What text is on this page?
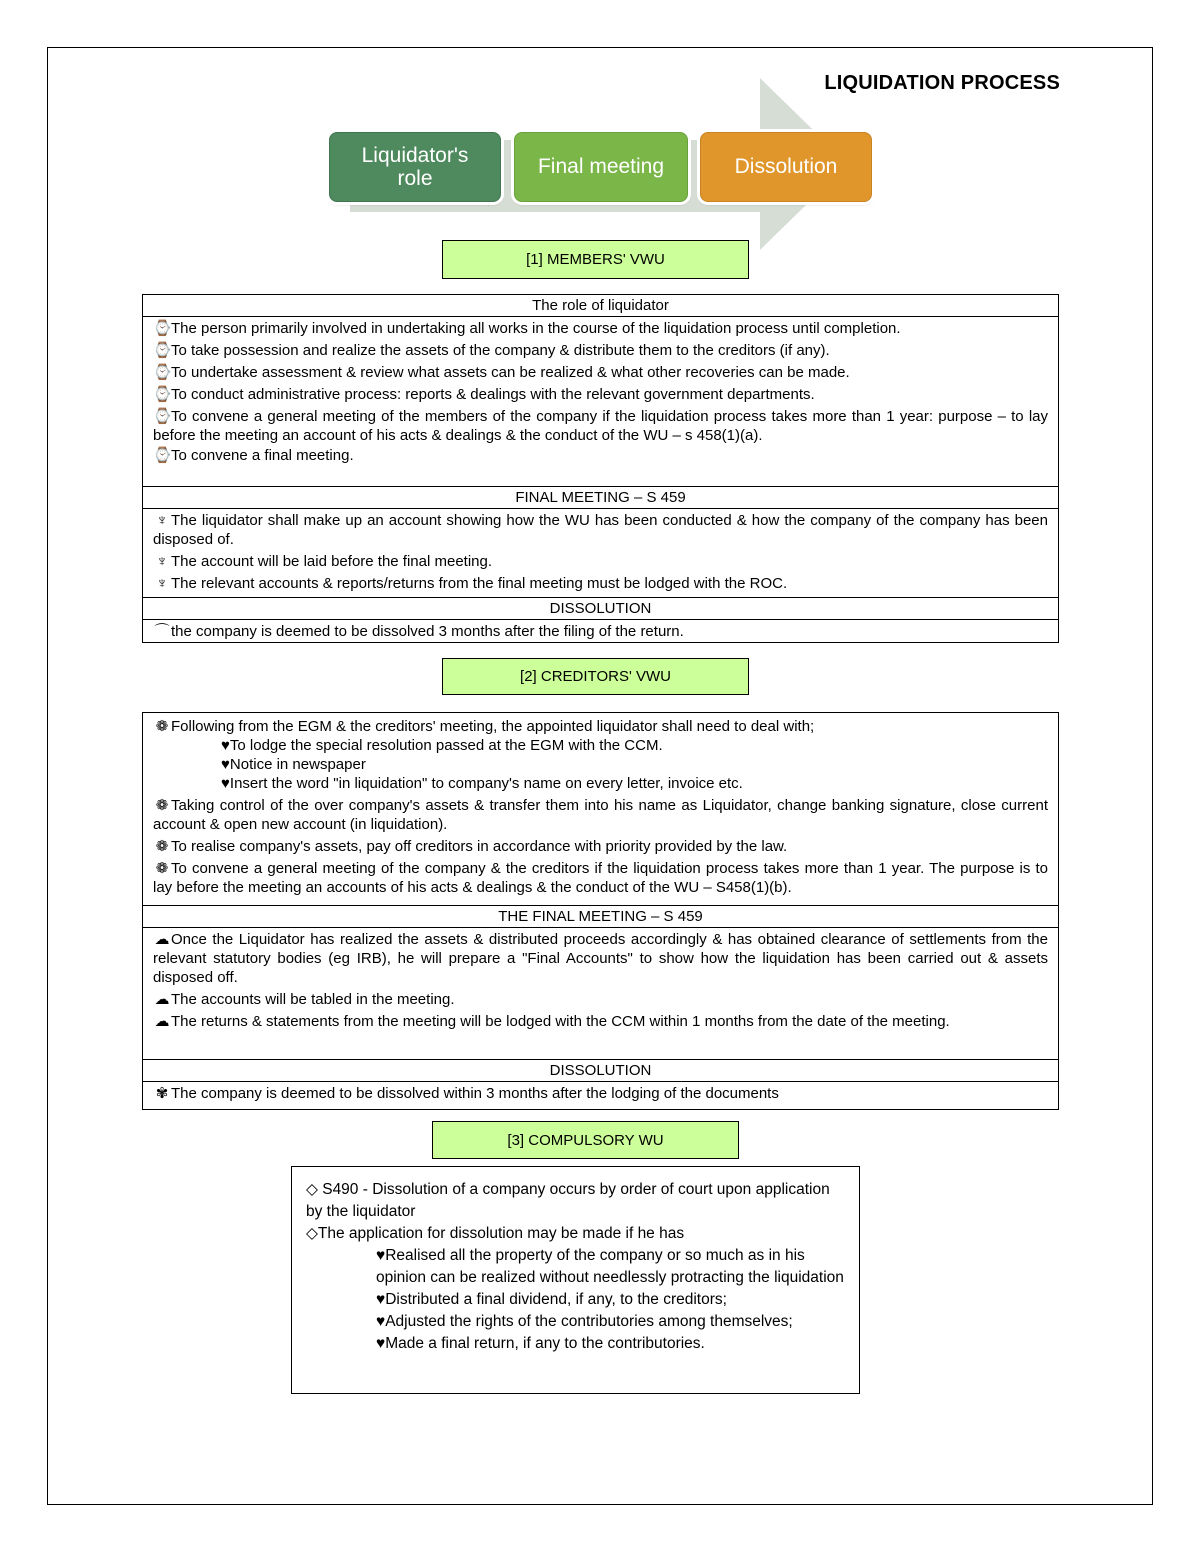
LIQUIDATION PROCESS
Liquidator's
role
Final meeting	Dissolution
[1] MEMBERS' VWU
The role of liquidator

⌚The person primarily involved in undertaking all works in the course of the liquidation process until completion.

⌚To take possession and realize the assets of the company & distribute them to the creditors (if any).

⌚To undertake assessment & review what assets can be realized & what other recoveries can be made.

⌚To conduct administrative process: reports & dealings with the relevant government departments.

⌚To convene a general meeting of the members of the company if the liquidation process takes more than 1 year: purpose – to lay before the meeting an account of his acts & dealings & the conduct of the WU – s 458(1)(a).

⌚To convene a final meeting.

FINAL MEETING – S 459

♆ The liquidator shall make up an account showing how the WU has been conducted & how the company of the company has been disposed of.

♆ The account will be laid before the final meeting.

♆ The relevant accounts & reports/returns from the final meeting must be lodged with the ROC.

DISSOLUTION

⌒ the company is deemed to be dissolved 3 months after the filing of the return.

[2] CREDITORS' VWU

❁ Following from the EGM & the creditors' meeting, the appointed liquidator shall need to deal with;

♥To lodge the special resolution passed at the EGM with the CCM.

♥Notice in newspaper

♥Insert the word "in liquidation" to company's name on every letter, invoice etc.

❁ Taking control of the over company's assets & transfer them into his name as Liquidator, change banking signature, close current account & open new account (in liquidation).

❁ To realise company's assets, pay off creditors in accordance with priority provided by the law.

❁ To convene a general meeting of the company & the creditors if the liquidation process takes more than 1 year. The purpose is to lay before the meeting an accounts of his acts & dealings & the conduct of the WU – S458(1)(b).

THE FINAL MEETING – S 459

☁ Once the Liquidator has realized the assets & distributed proceeds accordingly & has obtained clearance of settlements from the relevant statutory bodies (eg IRB), he will prepare a "Final Accounts" to show how the liquidation has been carried out & assets disposed off.

☁ The accounts will be tabled in the meeting.

☁ The returns & statements from the meeting will be lodged with the CCM within 1 months from the date of the meeting.

DISSOLUTION

✾ The company is deemed to be dissolved within 3 months after the lodging of the documents

[3] COMPULSORY WU

◇ S490 - Dissolution of a company occurs by order of court upon application by the liquidator

◇The application for dissolution may be made if he has

♥Realised all the property of the company or so much as in his opinion can be realized without needlessly protracting the liquidation

♥Distributed a final dividend, if any, to the creditors;

♥Adjusted the rights of the contributories among themselves;

♥Made a final return, if any to the contributories.
